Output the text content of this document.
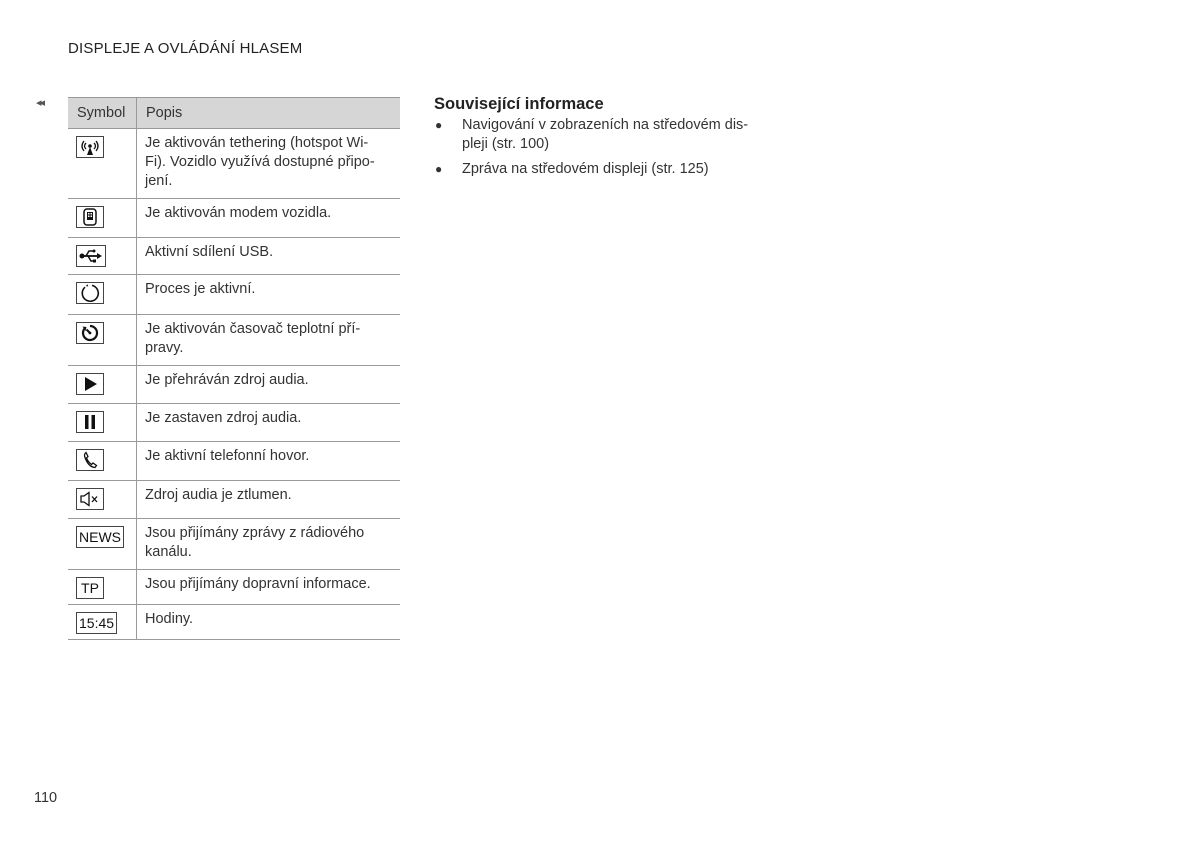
DISPLEJE A OVLÁDÁNÍ HLASEM
◂◂
Symbol	Popis

	Je aktivován tethering (hotspot Wi-
Fi). Vozidlo využívá dostupné připo-
jení.

	Je aktivován modem vozidla.

	Aktivní sdílení USB.

	Proces je aktivní.

	Je aktivován časovač teplotní pří-
pravy.

	Je přehráván zdroj audia.

	Je zastaven zdroj audia.

	Je aktivní telefonní hovor.

	Zdroj audia je ztlumen.
NEWS	Jsou přijímány zprávy z rádiového
kanálu.
TP	Jsou přijímány dopravní informace.
15:45	Hodiny.
Související informace
● Navigování v zobrazeních na středovém dis-
pleji (str. 100)
● Zpráva na středovém displeji (str. 125)
110
